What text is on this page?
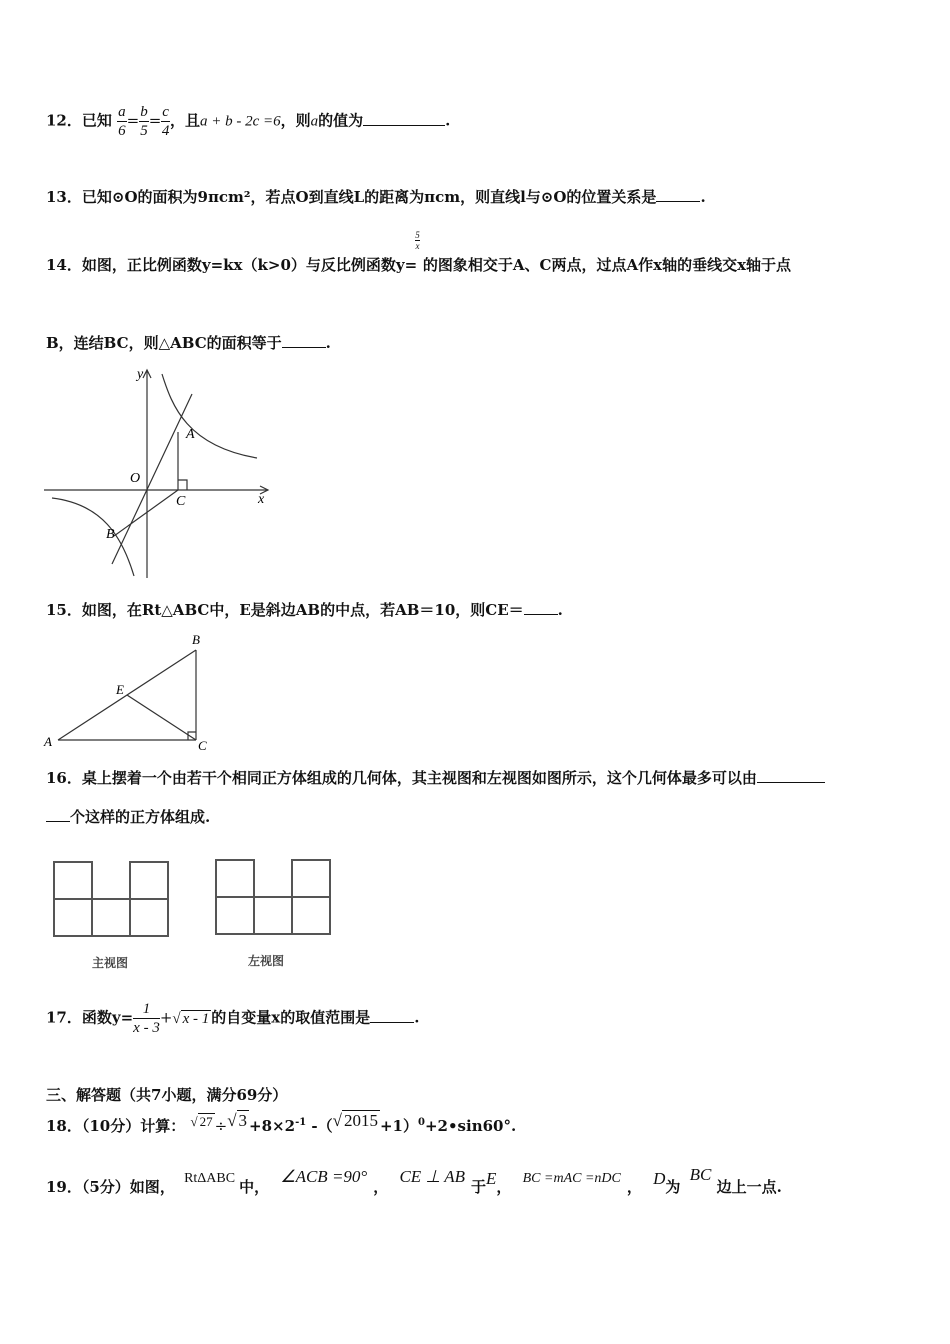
12．已知 $\frac{a}{6} = \frac{b}{5} = \frac{c}{4}$ ，且a + b - 2c =6，则a的值为	.
13．已知⊙O的面积为9πcm²，若点O到直线L的距离为πcm，则直线l与⊙O的位置关系是	.
14．如图，正比例函数y=kx（k>0）与反比例函数y=
$\frac{5}{x}$
的图象相交于A、C两点，过点A作x轴的垂线交x轴于点
B，连结BC，则△ABC的面积等于	.
y
x
A
O
C
B
15．如图，在Rt△ABC中，E是斜边AB的中点，若AB＝10，则CE＝ .
B
E
A	C
16．桌上摆着一个由若干个相同正方体组成的几何体，其主视图和左视图如图所示，这个几何体最多可以由
个这样的正方体组成.
主视图	左视图
17．函数$y= \frac{1}{x - 3}$ +√ x - 1 的自变量x的取值范围是	.
三、解答题（共7小题，满分69分）
18．（10分）计算： √ 27 ÷√ $3 +8\times 2^{-1}$ -（√ 2015 +1）$^0$+2•sin60°.
19．（5分）如图， RtΔABC 中， ∠ACB =90°， CE ⊥ AB于E， BC =mAC =nDC ， D为 BC 边上一点.
